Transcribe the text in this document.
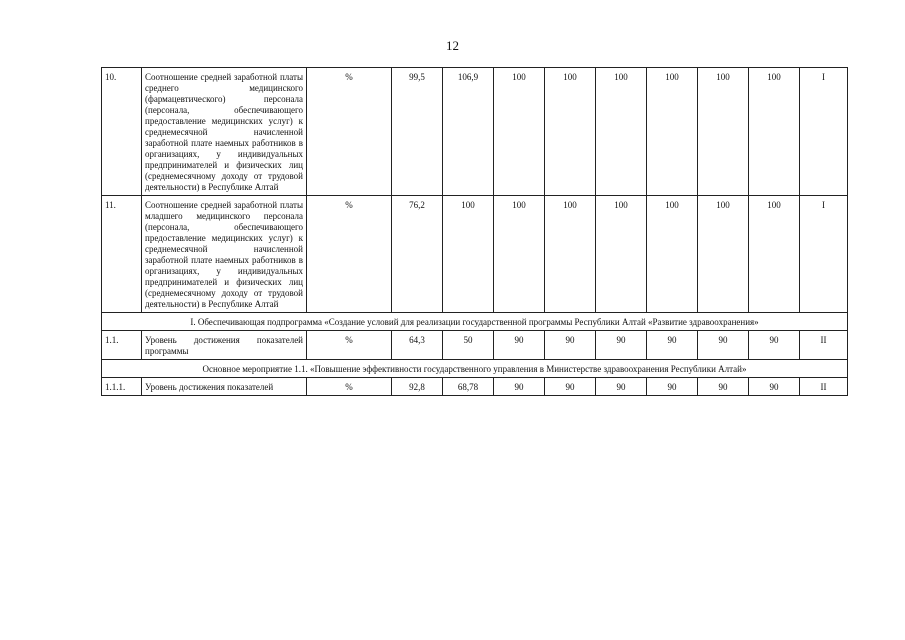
12
10.	Соотношение средней заработной платы среднего медицинского (фармацевтического) персонала (персонала, обеспечивающего предоставление медицинских услуг) к среднемесячной начисленной заработной плате наемных работников в организациях, у индивидуальных предпринимателей и физических лиц (среднемесячному доходу от трудовой деятельности) в Республике Алтай	%	99,5	106,9	100	100	100	100	100	100	I
11.	Соотношение средней заработной платы младшего медицинского персонала (персонала, обеспечивающего предоставление медицинских услуг) к среднемесячной начисленной заработной плате наемных работников в организациях, у индивидуальных предпринимателей и физических лиц (среднемесячному доходу от трудовой деятельности) в Республике Алтай	%	76,2	100	100	100	100	100	100	100	I
I. Обеспечивающая подпрограмма «Создание условий для реализации государственной программы Республики Алтай «Развитие здравоохранения»											
1.1.	Уровень достижения показателей программы	%	64,3	50	90	90	90	90	90	90	II
Основное мероприятие 1.1. «Повышение эффективности государственного управления в Министерстве здравоохранения Республики Алтай»											
1.1.1.	Уровень достижения показателей	%	92,8	68,78	90	90	90	90	90	90	II
